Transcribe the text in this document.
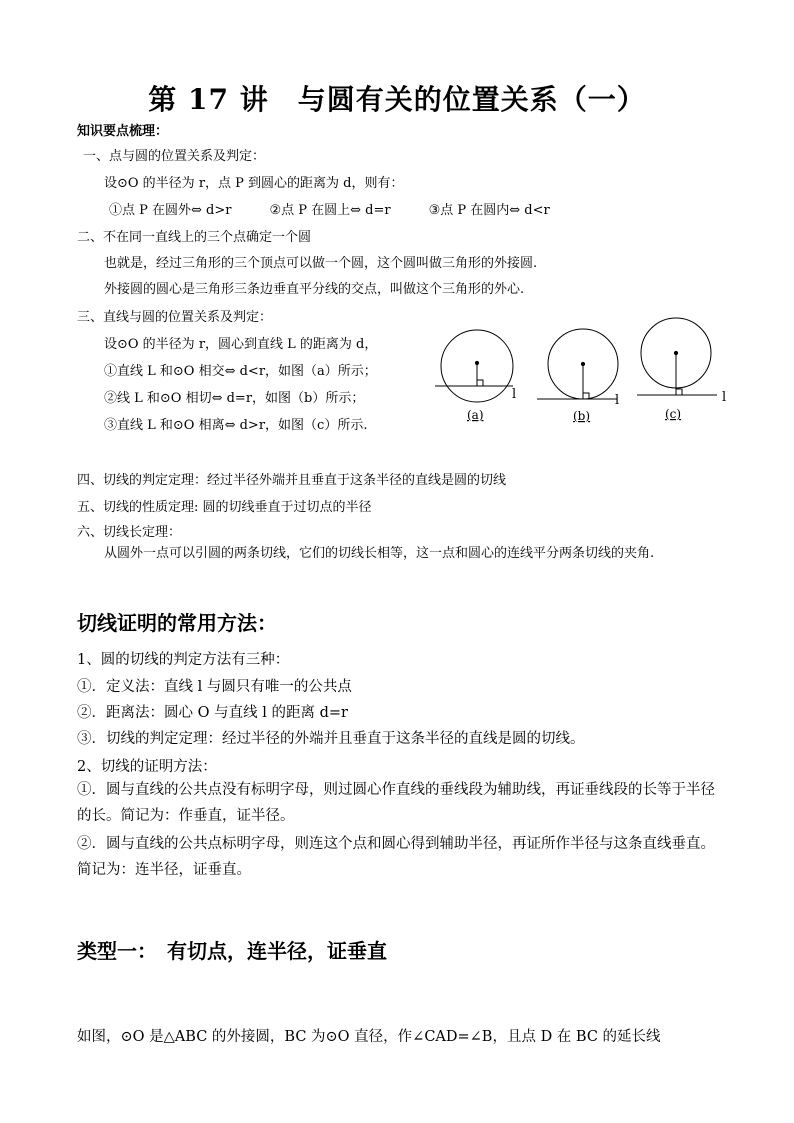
第 17 讲　与圆有关的位置关系（一）
知识要点梳理：
一、点与圆的位置关系及判定：
设⊙O 的半径为 r，点 P 到圆心的距离为 d，则有：
①点 P 在圆外⇔ d>r	②点 P 在圆上⇔ d=r	③点 P 在圆内⇔ d<r
二、不在同一直线上的三个点确定一个圆
也就是，经过三角形的三个顶点可以做一个圆，这个圆叫做三角形的外接圆.
外接圆的圆心是三角形三条边垂直平分线的交点，叫做这个三角形的外心.
三、直线与圆的位置关系及判定：
设⊙O 的半径为 r，圆心到直线 L 的距离为 d，
①直线 L 和⊙O 相交⇔ d<r，如图（a）所示；
②线 L 和⊙O 相切⇔ d=r，如图（b）所示；
③直线 L 和⊙O 相离⇔ d>r，如图（c）所示.
l
(a)
l
(b)
l
(c)
四、切线的判定定理：经过半径外端并且垂直于这条半径的直线是圆的切线
五、切线的性质定理: 圆的切线垂直于过切点的半径
六、切线长定理：
从圆外一点可以引圆的两条切线，它们的切线长相等，这一点和圆心的连线平分两条切线的夹角.
切线证明的常用方法：
1、圆的切线的判定方法有三种：
①．定义法：直线 l 与圆只有唯一的公共点
②．距离法：圆心 O 与直线 l 的距离 d=r
③．切线的判定定理：经过半径的外端并且垂直于这条半径的直线是圆的切线。
2、切线的证明方法：
①．圆与直线的公共点没有标明字母，则过圆心作直线的垂线段为辅助线，再证垂线段的长等于半径的长。简记为：作垂直，证半径。
②．圆与直线的公共点标明字母，则连这个点和圆心得到辅助半径，再证所作半径与这条直线垂直。简记为：连半径，证垂直。
类型一：　有切点，连半径，证垂直
如图，⊙O 是△ABC 的外接圆，BC 为⊙O 直径，作∠CAD=∠B，且点 D 在 BC 的延长线
